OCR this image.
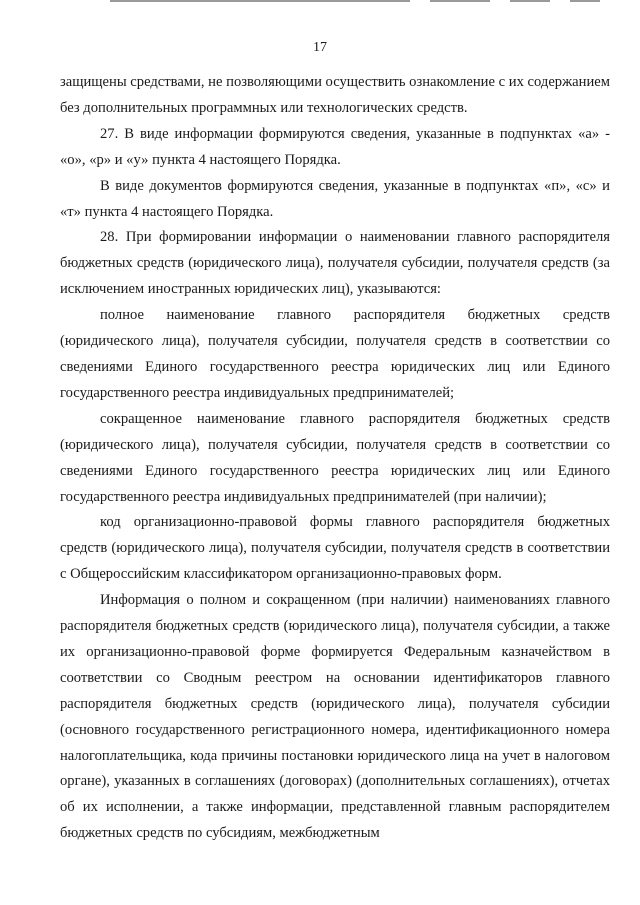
17

защищены средствами, не позволяющими осуществить ознакомление с их содержанием без дополнительных программных или технологических средств.

27. В виде информации формируются сведения, указанные в подпунктах «а» - «о», «р» и «у» пункта 4 настоящего Порядка.

В виде документов формируются сведения, указанные в подпунктах «п», «с» и «т» пункта 4 настоящего Порядка.

28. При формировании информации о наименовании главного распорядителя бюджетных средств (юридического лица), получателя субсидии, получателя средств (за исключением иностранных юридических лиц), указываются:

полное наименование главного распорядителя бюджетных средств (юридического лица), получателя субсидии, получателя средств в соответствии со сведениями Единого государственного реестра юридических лиц или Единого государственного реестра индивидуальных предпринимателей;

сокращенное наименование главного распорядителя бюджетных средств (юридического лица), получателя субсидии, получателя средств в соответствии со сведениями Единого государственного реестра юридических лиц или Единого государственного реестра индивидуальных предпринимателей (при наличии);

код организационно-правовой формы главного распорядителя бюджетных средств (юридического лица), получателя субсидии, получателя средств в соответствии с Общероссийским классификатором организационно-правовых форм.

Информация о полном и сокращенном (при наличии) наименованиях главного распорядителя бюджетных средств (юридического лица), получателя субсидии, а также их организационно-правовой форме формируется Федеральным казначейством в соответствии со Сводным реестром на основании идентификаторов главного распорядителя бюджетных средств (юридического лица), получателя субсидии (основного государственного регистрационного номера, идентификационного номера налогоплательщика, кода причины постановки юридического лица на учет в налоговом органе), указанных в соглашениях (договорах) (дополнительных соглашениях), отчетах об их исполнении, а также информации, представленной главным распорядителем бюджетных средств по субсидиям, межбюджетным
